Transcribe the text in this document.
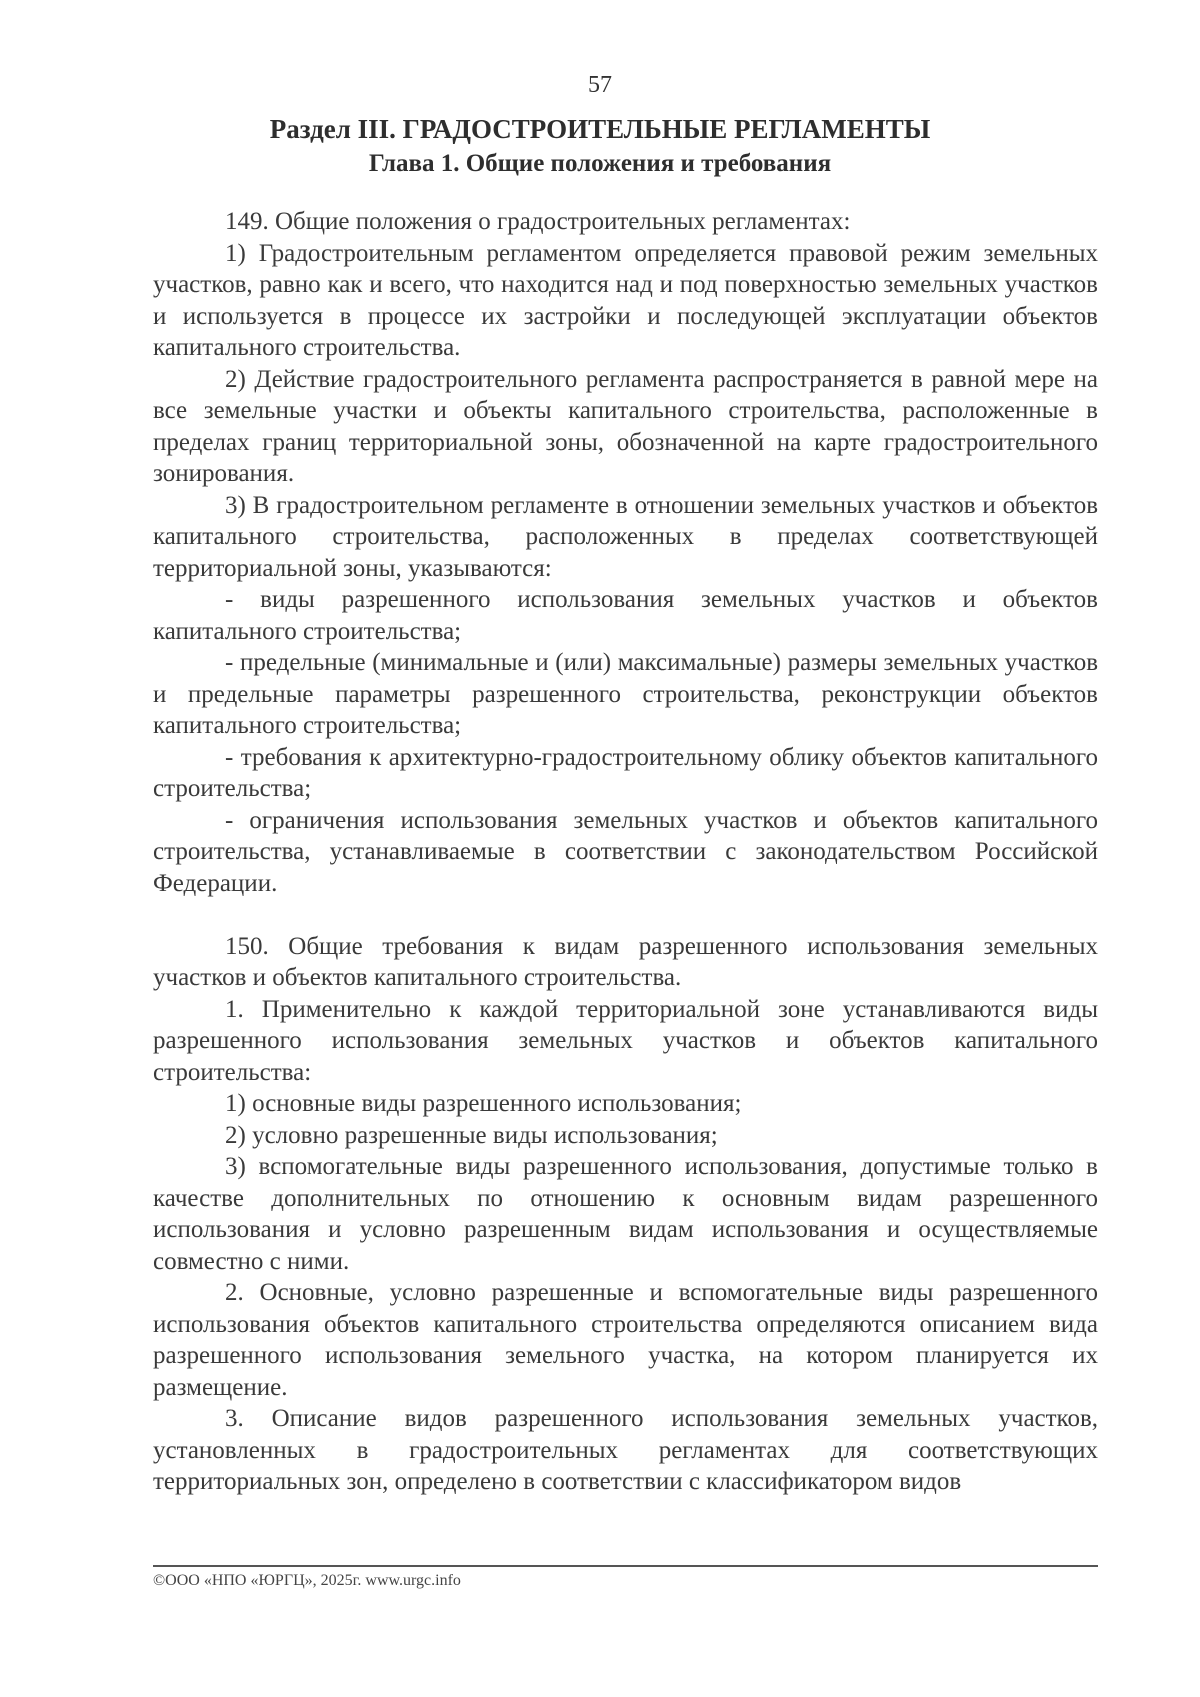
57
Раздел III. ГРАДОСТРОИТЕЛЬНЫЕ РЕГЛАМЕНТЫ
Глава 1. Общие положения и требования

149. Общие положения о градостроительных регламентах:

1) Градостроительным регламентом определяется правовой режим земельных участков, равно как и всего, что находится над и под поверхностью земельных участков и используется в процессе их застройки и последующей эксплуатации объектов капитального строительства.

2) Действие градостроительного регламента распространяется в равной мере на все земельные участки и объекты капитального строительства, расположенные в пределах границ территориальной зоны, обозначенной на карте градостроительного зонирования.

3) В градостроительном регламенте в отношении земельных участков и объектов капитального строительства, расположенных в пределах соответствующей территориальной зоны, указываются:

- виды разрешенного использования земельных участков и объектов капитального строительства;

- предельные (минимальные и (или) максимальные) размеры земельных участков и предельные параметры разрешенного строительства, реконструкции объектов капитального строительства;

- требования к архитектурно-градостроительному облику объектов капитального строительства;

- ограничения использования земельных участков и объектов капитального строительства, устанавливаемые в соответствии с законодательством Российской Федерации.

150. Общие требования к видам разрешенного использования земельных участков и объектов капитального строительства.

1. Применительно к каждой территориальной зоне устанавливаются виды разрешенного использования земельных участков и объектов капитального строительства:

1) основные виды разрешенного использования;

2) условно разрешенные виды использования;

3) вспомогательные виды разрешенного использования, допустимые только в качестве дополнительных по отношению к основным видам разрешенного использования и условно разрешенным видам использования и осуществляемые совместно с ними.

2. Основные, условно разрешенные и вспомогательные виды разрешенного использования объектов капитального строительства определяются описанием вида разрешенного использования земельного участка, на котором планируется их размещение.

3. Описание видов разрешенного использования земельных участков, установленных в градостроительных регламентах для соответствующих территориальных зон, определено в соответствии с классификатором видов

©ООО «НПО «ЮРГЦ», 2025г. www.urgc.info
